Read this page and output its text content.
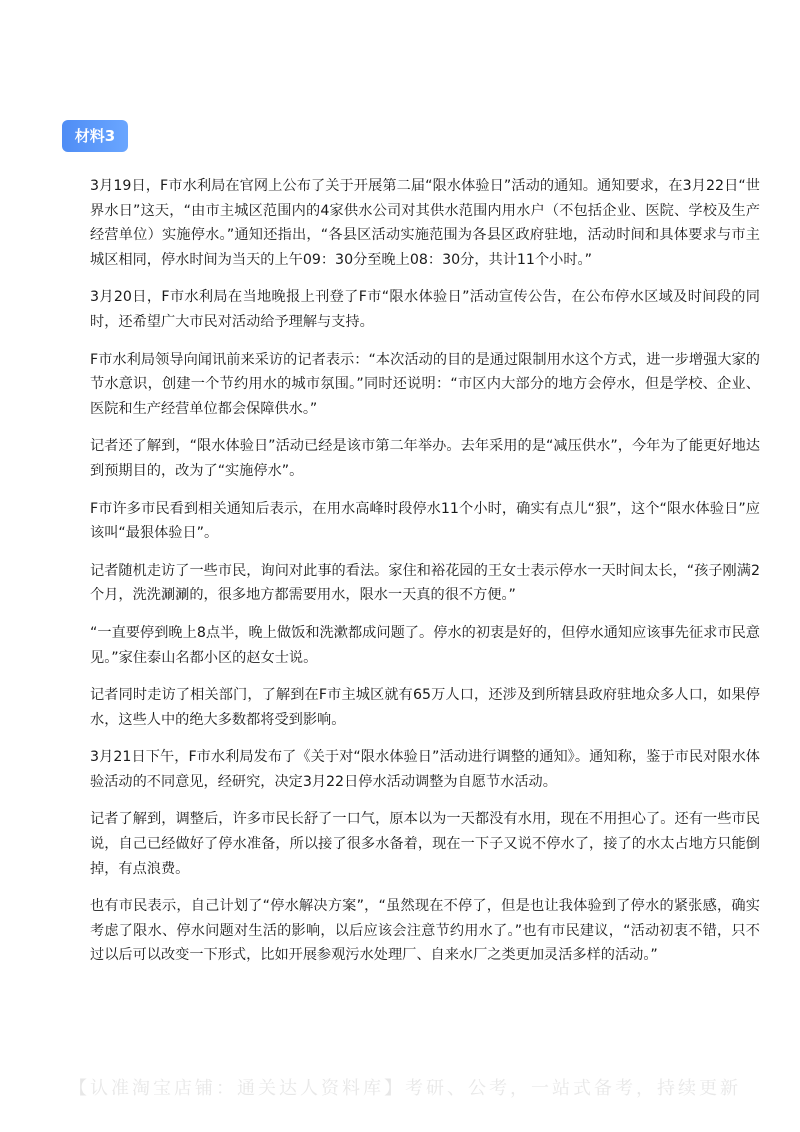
材料3

3月19日，F市水利局在官网上公布了关于开展第二届“限水体验日”活动的通知。通知要求，在3月22日“世界水日”这天，“由市主城区范围内的4家供水公司对其供水范围内用水户（不包括企业、医院、学校及生产经营单位）实施停水。”通知还指出，“各县区活动实施范围为各县区政府驻地，活动时间和具体要求与市主城区相同，停水时间为当天的上午09：30分至晚上08：30分，共计11个小时。”

3月20日，F市水利局在当地晚报上刊登了F市“限水体验日”活动宣传公告，在公布停水区域及时间段的同时，还希望广大市民对活动给予理解与支持。

F市水利局领导向闻讯前来采访的记者表示：“本次活动的目的是通过限制用水这个方式，进一步增强大家的节水意识，创建一个节约用水的城市氛围。”同时还说明：“市区内大部分的地方会停水，但是学校、企业、医院和生产经营单位都会保障供水。”

记者还了解到，“限水体验日”活动已经是该市第二年举办。去年采用的是“减压供水”，今年为了能更好地达到预期目的，改为了“实施停水”。

F市许多市民看到相关通知后表示，在用水高峰时段停水11个小时，确实有点儿“狠”，这个“限水体验日”应该叫“最狠体验日”。

记者随机走访了一些市民，询问对此事的看法。家住和裕花园的王女士表示停水一天时间太长，“孩子刚满2个月，洗洗涮涮的，很多地方都需要用水，限水一天真的很不方便。”

“一直要停到晚上8点半，晚上做饭和洗漱都成问题了。停水的初衷是好的，但停水通知应该事先征求市民意见。”家住泰山名都小区的赵女士说。

记者同时走访了相关部门，了解到在F市主城区就有65万人口，还涉及到所辖县政府驻地众多人口，如果停水，这些人中的绝大多数都将受到影响。

3月21日下午，F市水利局发布了《关于对“限水体验日”活动进行调整的通知》。通知称，鉴于市民对限水体验活动的不同意见，经研究，决定3月22日停水活动调整为自愿节水活动。

记者了解到，调整后，许多市民长舒了一口气，原本以为一天都没有水用，现在不用担心了。还有一些市民说，自己已经做好了停水准备，所以接了很多水备着，现在一下子又说不停水了，接了的水太占地方只能倒掉，有点浪费。

也有市民表示，自己计划了“停水解决方案”，“虽然现在不停了，但是也让我体验到了停水的紧张感，确实考虑了限水、停水问题对生活的影响，以后应该会注意节约用水了。”也有市民建议，“活动初衷不错，只不过以后可以改变一下形式，比如开展参观污水处理厂、自来水厂之类更加灵活多样的活动。”

【认准淘宝店铺：通关达人资料库】考研、公考，一站式备考，持续更新
